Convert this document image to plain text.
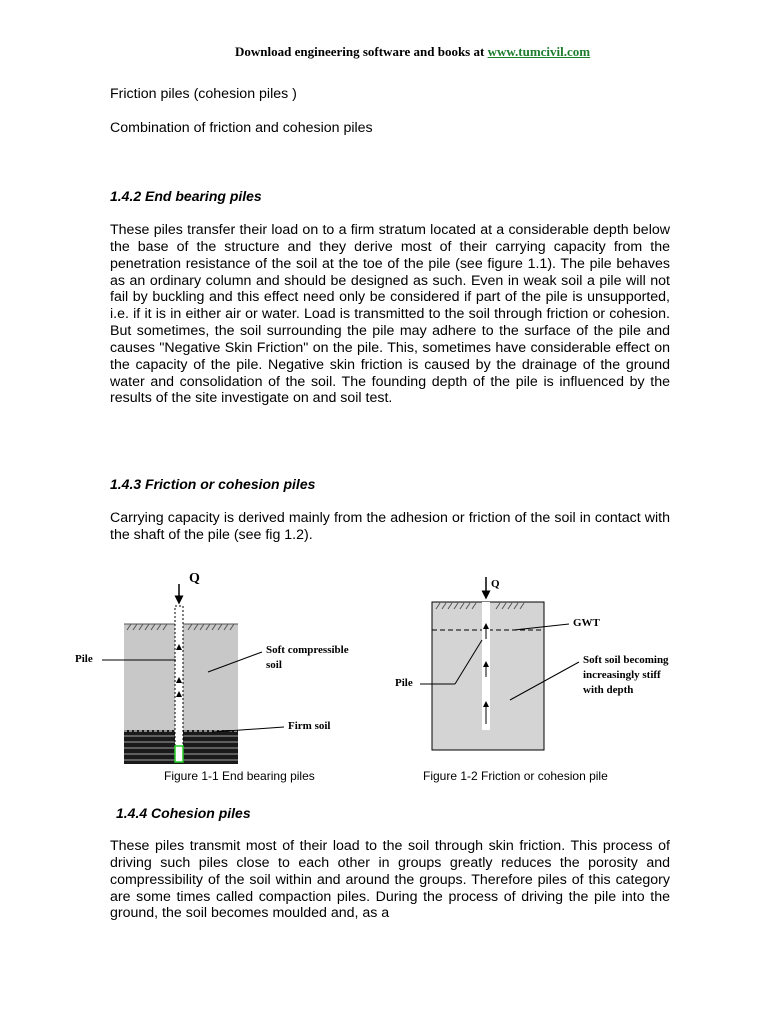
Download engineering software and books at www.tumcivil.com
Friction piles (cohesion piles )
Combination of friction and cohesion piles
1.4.2 End bearing piles
These piles transfer their load on to a firm stratum located at a considerable depth below the base of the structure and they derive most of their carrying capacity from the penetration resistance of the soil at the toe of the pile (see figure 1.1). The pile behaves as an ordinary column and should be designed as such. Even in weak soil a pile will not fail by buckling and this effect need only be considered if part of the pile is unsupported, i.e. if it is in either air or water. Load is transmitted to the soil through friction or cohesion. But sometimes, the soil surrounding the pile may adhere to the surface of the pile and causes "Negative Skin Friction" on the pile. This, sometimes have considerable effect on the capacity of the pile. Negative skin friction is caused by the drainage of the ground water and consolidation of the soil. The founding depth of the pile is influenced by the results of the site investigate on and soil test.
1.4.3 Friction or cohesion piles
Carrying capacity is derived mainly from the adhesion or friction of the soil in contact with the shaft of the pile (see fig 1.2).
Q
Pile
Soft compressible
soil
Firm soil
Q
GWT
Soft soil becoming
increasingly stiff
with depth
Pile
Figure 1-1 End bearing piles	Figure 1-2 Friction or cohesion pile
1.4.4 Cohesion piles
These piles transmit most of their load to the soil through skin friction. This process of driving such piles close to each other in groups greatly reduces the porosity and compressibility of the soil within and around the groups. Therefore piles of this category are some times called compaction piles. During the process of driving the pile into the ground, the soil becomes moulded and, as a
